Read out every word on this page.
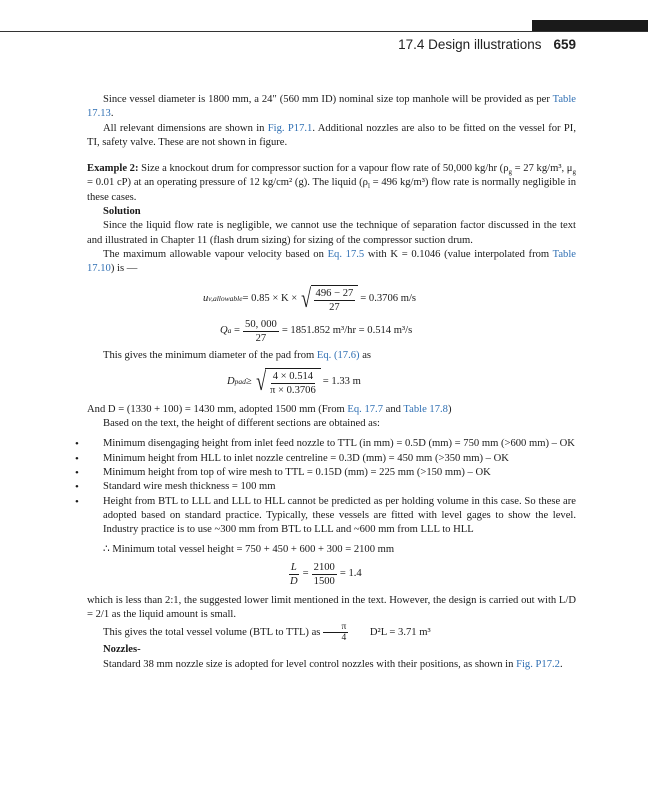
17.4 Design illustrations 659

Since vessel diameter is 1800 mm, a 24″ (560 mm ID) nominal size top manhole will be provided as per Table 17.13.

All relevant dimensions are shown in Fig. P17.1. Additional nozzles are also to be fitted on the vessel for PI, TI, safety valve. These are not shown in figure.

Example 2: Size a knockout drum for compressor suction for a vapour flow rate of 50,000 kg/hr ($\rho_g = 27$ kg/m³, $\mu_g = 0.01$ cP) at an operating pressure of 12 kg/cm² (g). The liquid ($\rho_l = 496$ kg/m³) flow rate is normally negligible in these cases.

Solution

Since the liquid flow rate is negligible, we cannot use the technique of separation factor discussed in the text and illustrated in Chapter 11 (flash drum sizing) for sizing of the compressor suction drum.

The maximum allowable vapour velocity based on Eq. 17.5 with K = 0.1046 (value interpolated from Table 17.10) is —

u v,allowable = 0.85 × K × √ $\frac{496 - 27}{27} = 0.3706$ m/s
Q $a = \frac{50, 000}{27} = 1851.852$ m³/hr = 0.514 m³/s

This gives the minimum diameter of the pad from Eq. (17.6) as

D pad ≥ √ $\frac{4 \times 0.514}{\pi \times 0.3706} = 1.33$ m

And D = (1330 + 100) = 1430 mm, adopted 1500 mm (From Eq. 17.7 and Table 17.8)

Based on the text, the height of different sections are obtained as:

• Minimum disengaging height from inlet feed nozzle to TTL (in mm) = 0.5D (mm) = 750 mm (>600 mm) – OK
• Minimum height from HLL to inlet nozzle centreline = 0.3D (mm) = 450 mm (>350 mm) – OK
• Minimum height from top of wire mesh to TTL = 0.15D (mm) = 225 mm (>150 mm) – OK
• Standard wire mesh thickness = 100 mm
• Height from BTL to LLL and LLL to HLL cannot be predicted as per holding volume in this case. So these are adopted based on standard practice. Typically, these vessels are fitted with level gages to show the level. Industry practice is to use ~300 mm from BTL to LLL and ~600 mm from LLL to HLL

∴ Minimum total vessel height = 750 + 450 + 600 + 300 = 2100 mm

$\frac{L}{D} = \frac{2100}{1500} = 1.4$

which is less than 2:1, the suggested lower limit mentioned in the text. However, the design is carried out with L/D = 2/1 as the liquid amount is small.

This gives the total vessel volume (BTL to TTL) as $\frac{\pi}{4}$	D²L = 3.71 m³

Nozzles-

Standard 38 mm nozzle size is adopted for level control nozzles with their positions, as shown in Fig. P17.2.
